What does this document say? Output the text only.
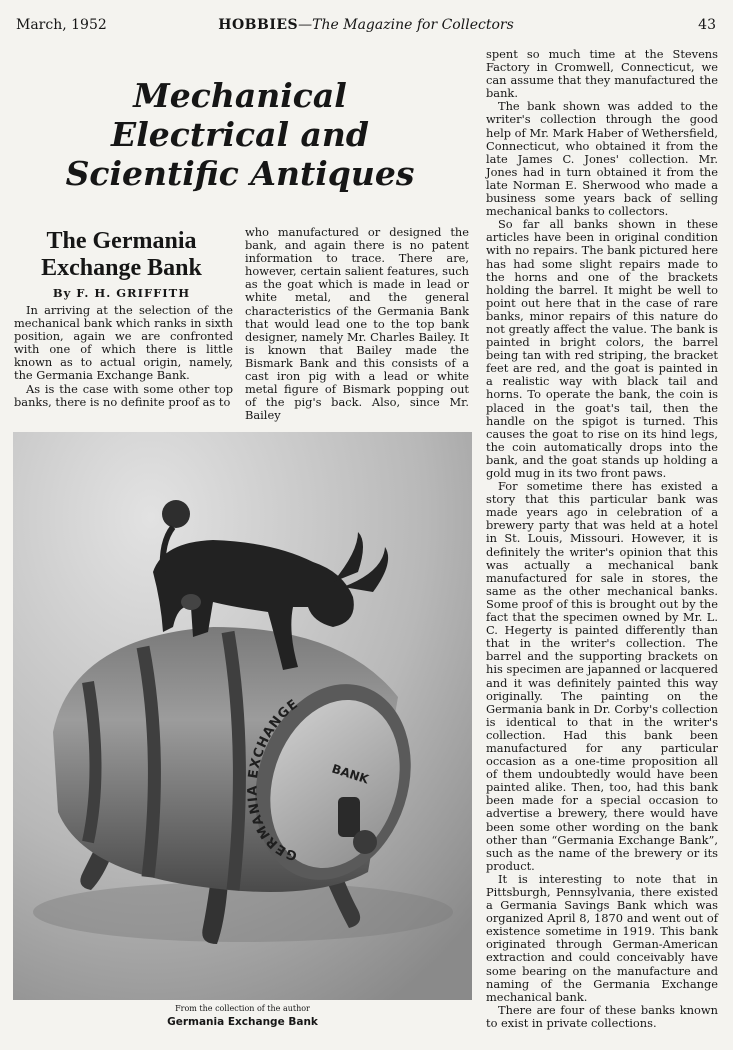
March, 1952	HOBBIES—The Magazine for Collectors	43
Mechanical
Electrical and
Scientific Antiques
The Germania
Exchange Bank
By F. H. GRIFFITH

In arriving at the selection of the mechanical bank which ranks in sixth position, again we are confronted with one of which there is little known as to actual origin, namely, the Germania Exchange Bank.

As is the case with some other top banks, there is no definite proof as to

who manufactured or designed the bank, and again there is no patent information to trace. There are, however, certain salient features, such as the goat which is made in lead or white metal, and the general characteristics of the Germania Bank that would lead one to the top bank designer, namely Mr. Charles Bailey. It is known that Bailey made the Bismark Bank and this consists of a cast iron pig with a lead or white metal figure of Bismark popping out of the pig's back. Also, since Mr. Bailey

spent so much time at the Stevens Factory in Cromwell, Connecticut, we can assume that they manufactured the bank.

The bank shown was added to the writer's collection through the good help of Mr. Mark Haber of Wethersfield, Connecticut, who obtained it from the late James C. Jones' collection. Mr. Jones had in turn obtained it from the late Norman E. Sherwood who made a business some years back of selling mechanical banks to collectors.

So far all banks shown in these articles have been in original condition with no repairs. The bank pictured here has had some slight repairs made to the horns and one of the brackets holding the barrel. It might be well to point out here that in the case of rare banks, minor repairs of this nature do not greatly affect the value. The bank is painted in bright colors, the barrel being tan with red striping, the bracket feet are red, and the goat is painted in a realistic way with black tail and horns. To operate the bank, the coin is placed in the goat's tail, then the handle on the spigot is turned. This causes the goat to rise on its hind legs, the coin automatically drops into the bank, and the goat stands up holding a gold mug in its two front paws.

For sometime there has existed a story that this particular bank was made years ago in celebration of a brewery party that was held at a hotel in St. Louis, Missouri. However, it is definitely the writer's opinion that this was actually a mechanical bank manufactured for sale in stores, the same as the other mechanical banks. Some proof of this is brought out by the fact that the specimen owned by Mr. L. C. Hegerty is painted differently than that in the writer's collection. The barrel and the supporting brackets on his specimen are japanned or lacquered and it was definitely painted this way originally. The painting on the Germania bank in Dr. Corby's collection is identical to that in the writer's collection. Had this bank been manufactured for any particular occasion as a one-time proposition all of them undoubtedly would have been painted alike. Then, too, had this bank been made for a special occasion to advertise a brewery, there would have been some other wording on the bank other than “Germania Exchange Bank”, such as the name of the brewery or its product.

It is interesting to note that in Pittsburgh, Pennsylvania, there existed a Germania Savings Bank which was organized April 8, 1870 and went out of existence sometime in 1919. This bank originated through German-American extraction and could conceivably have some bearing on the manufacture and naming of the Germania Exchange mechanical bank.

There are four of these banks known to exist in private collections.

GERMANIA EXCHANGE
BANK
From the collection of the author
Germania Exchange Bank
